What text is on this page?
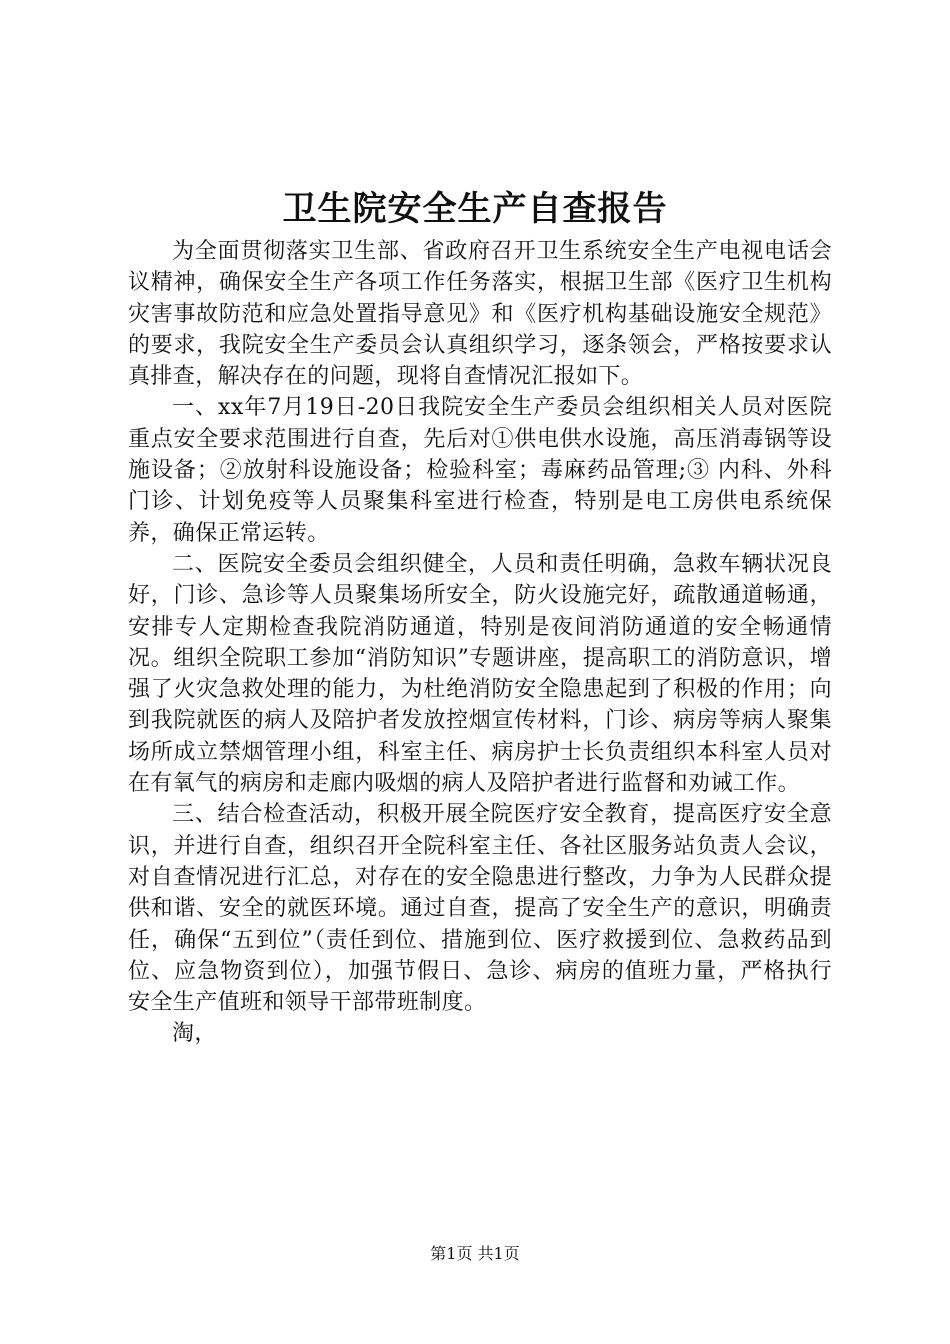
卫生院安全生产自查报告

为全面贯彻落实卫生部、省政府召开卫生系统安全生产电视电话会议精神，确保安全生产各项工作任务落实，根据卫生部《医疗卫生机构灾害事故防范和应急处置指导意见》和《医疗机构基础设施安全规范》的要求，我院安全生产委员会认真组织学习，逐条领会，严格按要求认真排查，解决存在的问题，现将自查情况汇报如下。

一、xx年7月19日-20日我院安全生产委员会组织相关人员对医院重点安全要求范围进行自查，先后对①供电供水设施，高压消毒锅等设施设备；②放射科设施设备；检验科室；毒麻药品管理;③ 内科、外科门诊、计划免疫等人员聚集科室进行检查，特别是电工房供电系统保养，确保正常运转。

二、医院安全委员会组织健全，人员和责任明确，急救车辆状况良好，门诊、急诊等人员聚集场所安全，防火设施完好，疏散通道畅通，安排专人定期检查我院消防通道，特别是夜间消防通道的安全畅通情况。组织全院职工参加“消防知识”专题讲座，提高职工的消防意识，增强了火灾急救处理的能力，为杜绝消防安全隐患起到了积极的作用；向到我院就医的病人及陪护者发放控烟宣传材料，门诊、病房等病人聚集场所成立禁烟管理小组，科室主任、病房护士长负责组织本科室人员对在有氧气的病房和走廊内吸烟的病人及陪护者进行监督和劝诫工作。

三、结合检查活动，积极开展全院医疗安全教育，提高医疗安全意识，并进行自查，组织召开全院科室主任、各社区服务站负责人会议，对自查情况进行汇总，对存在的安全隐患进行整改，力争为人民群众提供和谐、安全的就医环境。通过自查，提高了安全生产的意识，明确责任，确保“五到位”（责任到位、措施到位、医疗救援到位、急救药品到位、应急物资到位），加强节假日、急诊、病房的值班力量，严格执行安全生产值班和领导干部带班制度。

淘，

第1页 共1页
